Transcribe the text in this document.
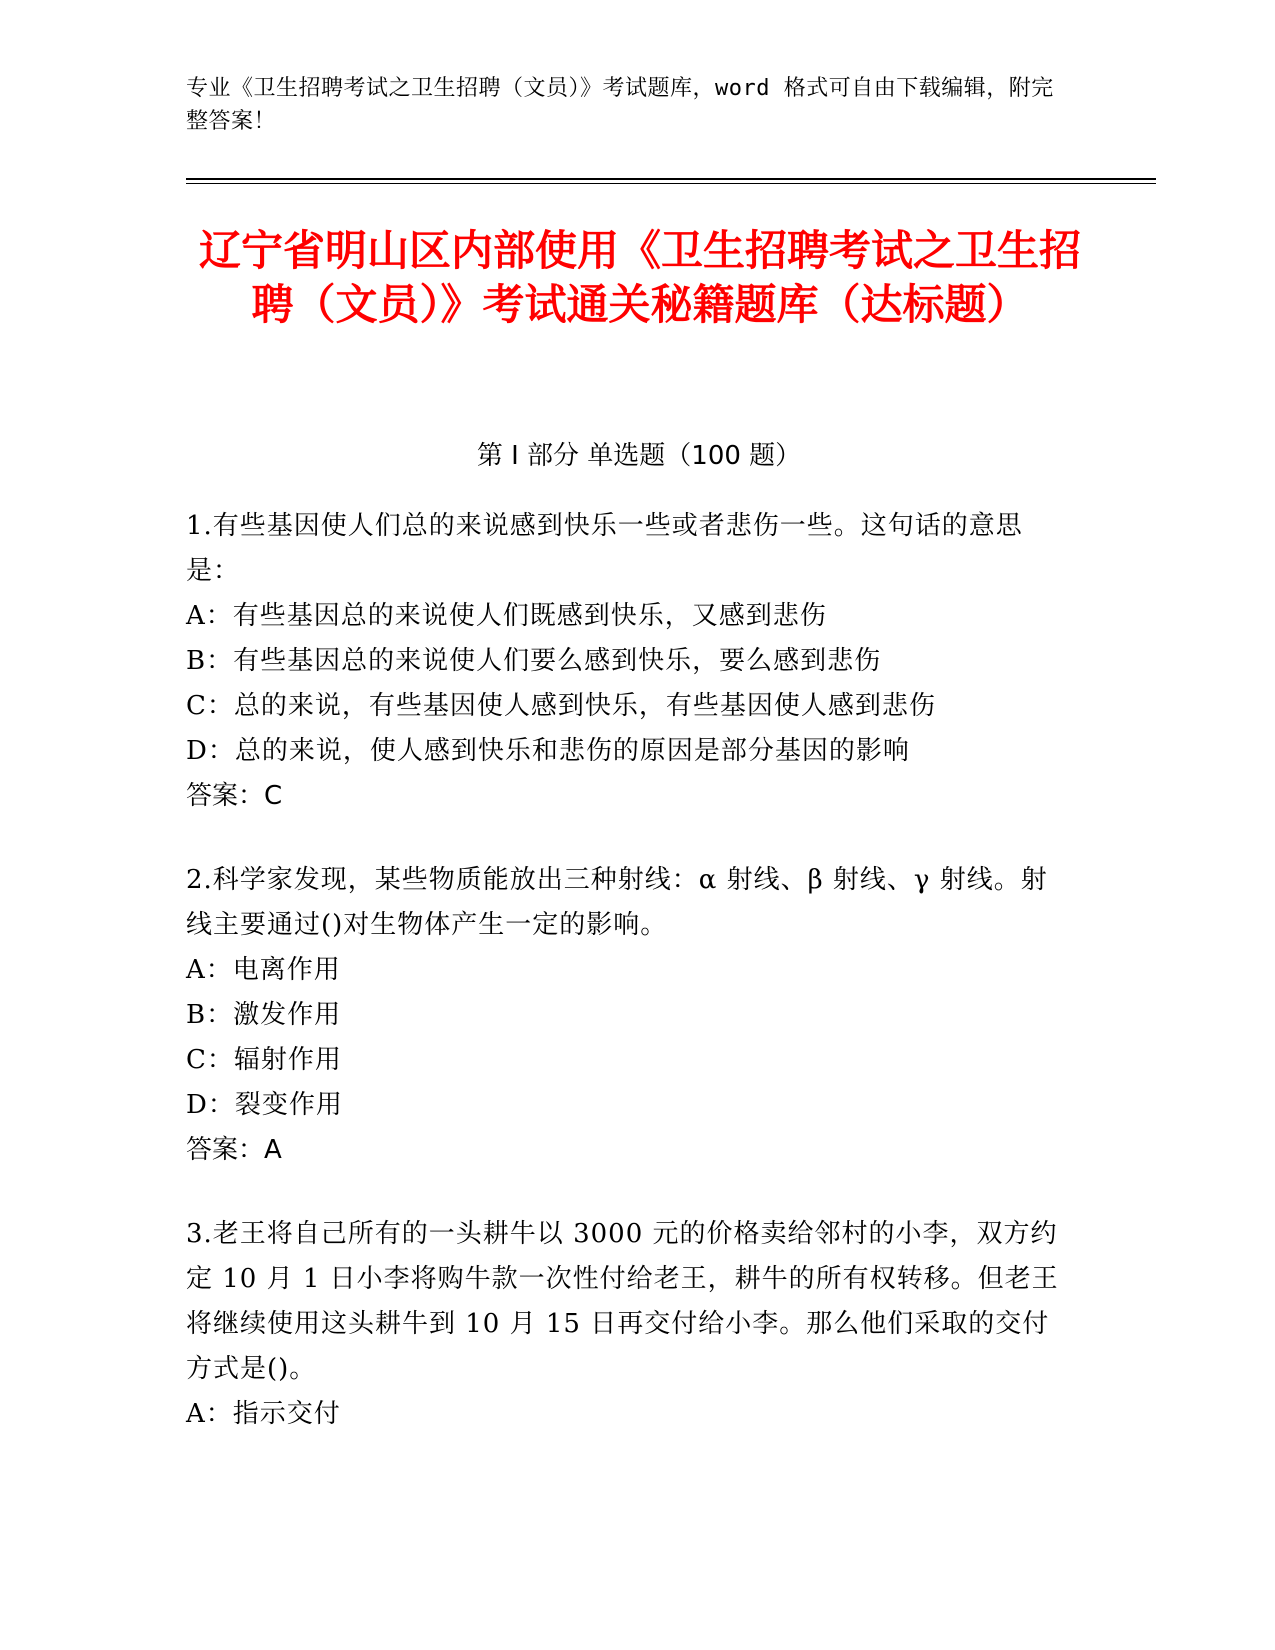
专业《卫生招聘考试之卫生招聘（文员）》考试题库，word 格式可自由下载编辑，附完整答案！
辽宁省明山区内部使用《卫生招聘考试之卫生招聘（文员）》考试通关秘籍题库（达标题）
第 I 部分 单选题（100 题）
1.有些基因使人们总的来说感到快乐一些或者悲伤一些。这句话的意思是：
A：有些基因总的来说使人们既感到快乐，又感到悲伤
B：有些基因总的来说使人们要么感到快乐，要么感到悲伤
C：总的来说，有些基因使人感到快乐，有些基因使人感到悲伤
D：总的来说，使人感到快乐和悲伤的原因是部分基因的影响
答案：C
2.科学家发现，某些物质能放出三种射线：α 射线、β 射线、γ 射线。射线主要通过()对生物体产生一定的影响。
A：电离作用
B：激发作用
C：辐射作用
D：裂变作用
答案：A
3.老王将自己所有的一头耕牛以 3000 元的价格卖给邻村的小李，双方约定 10 月 1 日小李将购牛款一次性付给老王，耕牛的所有权转移。但老王将继续使用这头耕牛到 10 月 15 日再交付给小李。那么他们采取的交付方式是()。
A：指示交付
